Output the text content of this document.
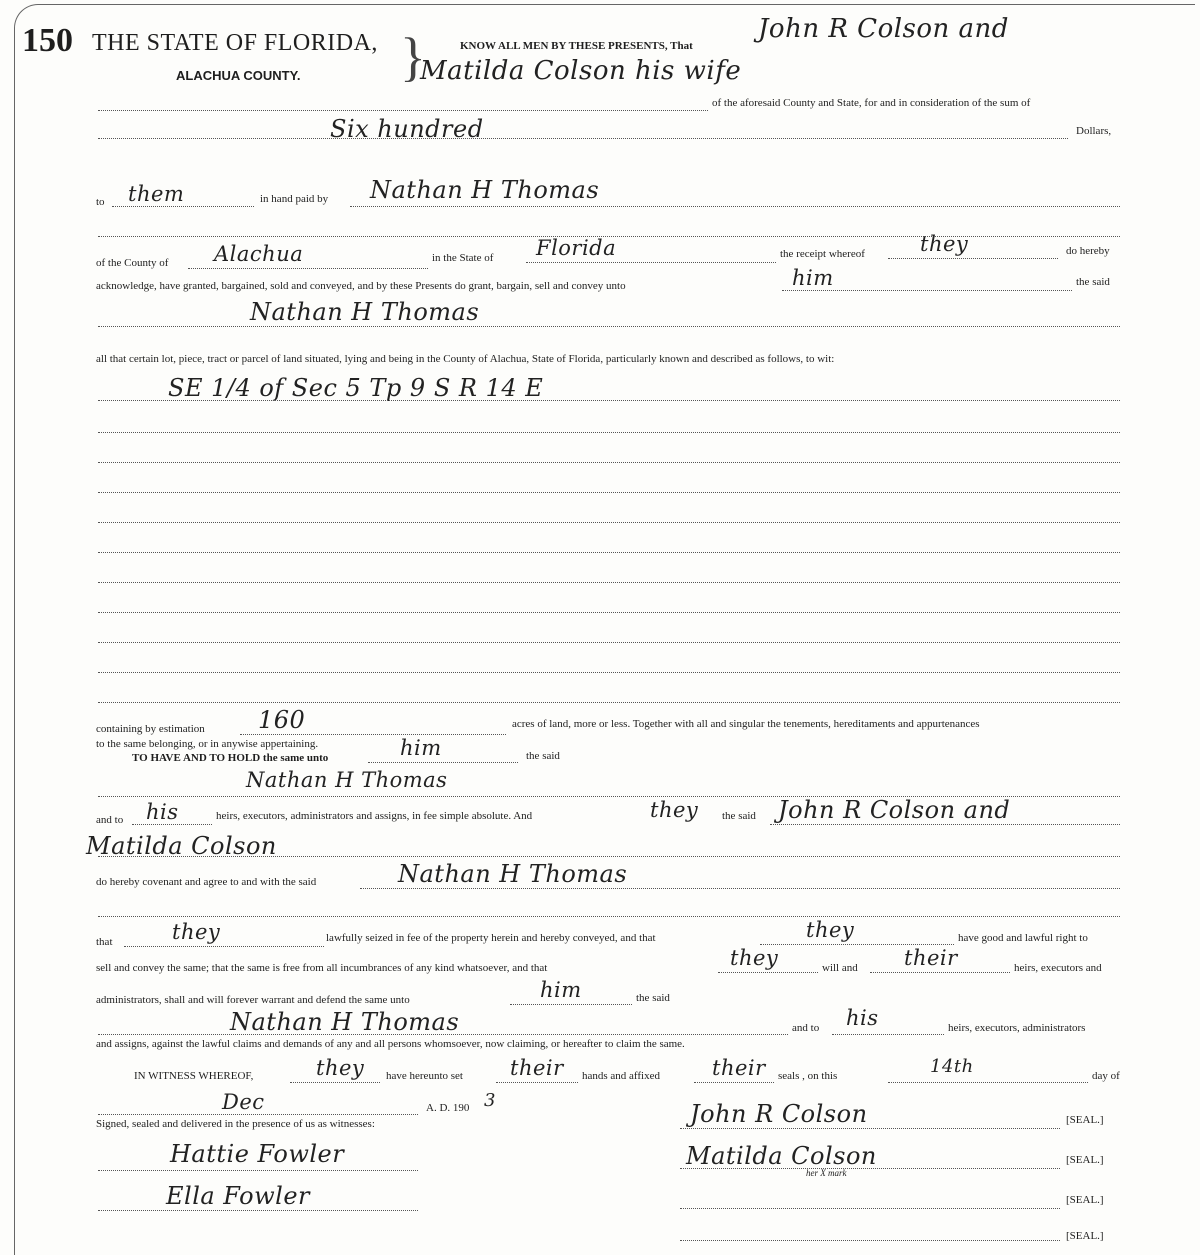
150 THE STATE OF FLORIDA,
ALACHUA COUNTY. }	KNOW ALL MEN BY THESE PRESENTS, That
John R Colson and
Matilda Colson his wife
of the aforesaid County and State, for and in consideration of the sum of
Six hundred	Dollars,
to them	in hand paid by Nathan H Thomas
of the County of Alachua	in the State of Florida	the receipt whereof	they	do hereby
acknowledge, have granted, bargained, sold and conveyed, and by these Presents do grant, bargain, sell and convey unto	him	the said
Nathan H Thomas
all that certain lot, piece, tract or parcel of land situated, lying and being in the County of Alachua, State of Florida, particularly known and described as follows, to wit:
SE 1/4 of Sec 5 Tp 9 S R 14 E
containing by estimation 160	acres of land, more or less. Together with all and singular the tenements, hereditaments and appurtenances
to the same belonging, or in anywise appertaining.
TO HAVE AND TO HOLD the same unto	him	the said
Nathan H Thomas
and to his	heirs, executors, administrators and assigns, in fee simple absolute. And	they the said John R Colson and
Matilda Colson
do hereby covenant and agree to and with the said	Nathan H Thomas
that	they	lawfully seized in fee of the property herein and hereby conveyed, and that	they	have good and lawful right to
sell and convey the same; that the same is free from all incumbrances of any kind whatsoever, and that	they	will and their	heirs, executors and
administrators, shall and will forever warrant and defend the same unto	him	the said
Nathan H Thomas	and to his	heirs, executors, administrators
and assigns, against the lawful claims and demands of any and all persons whomsoever, now claiming, or hereafter to claim the same.
IN WITNESS WHEREOF,	they have hereunto set their hands and affixed their seals , on this	14th	day of
Dec	A. D. 190 3
Signed, sealed and delivered in the presence of us as witnesses:
Hattie Fowler
Ella Fowler
John R Colson	[SEAL.]
Matilda Colson
her X mark
[SEAL.]
[SEAL.]
[SEAL.]
